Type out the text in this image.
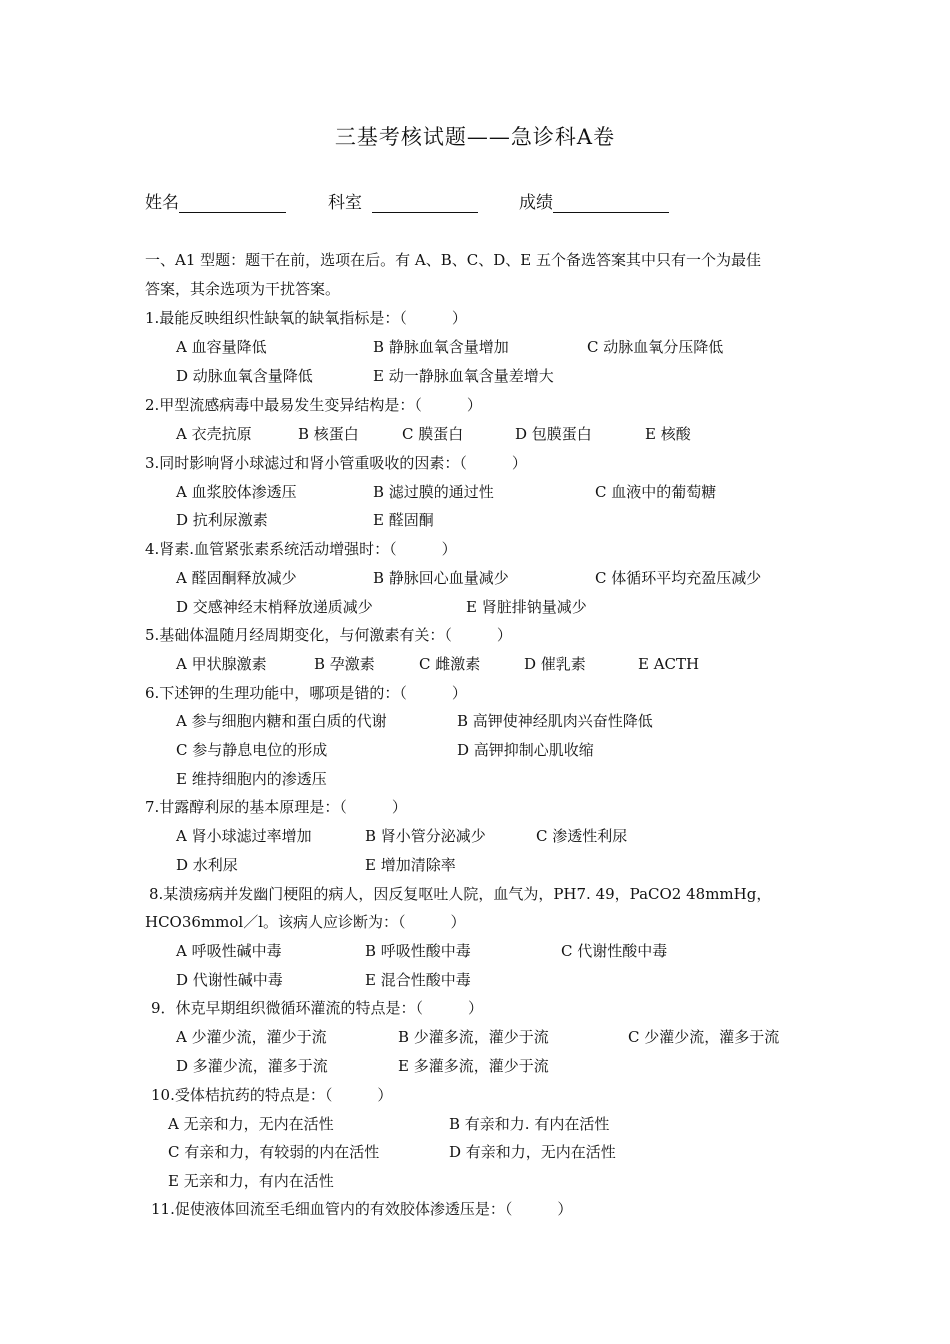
三基考核试题——急诊科A卷
姓名	科室	成绩
一、A1 型题：题干在前，选项在后。有 A、B、C、D、E 五个备选答案其中只有一个为最佳
答案，其余选项为干扰答案。
1.最能反映组织性缺氧的缺氧指标是：（　　　）
A 血容量降低	B 静脉血氧含量增加	C 动脉血氧分压降低
D 动脉血氧含量降低	E 动一静脉血氧含量差增大
2.甲型流感病毒中最易发生变异结构是：（　　　）
A 衣壳抗原	B 核蛋白	C 膜蛋白	D 包膜蛋白	E 核酸
3.同时影响肾小球滤过和肾小管重吸收的因素：（　　　）
A 血浆胶体渗透压	B 滤过膜的通过性	C 血液中的葡萄糖
D 抗利尿激素	E 醛固酮
4.肾素.血管紧张素系统活动增强时：（　　　）
A 醛固酮释放减少	B 静脉回心血量减少	C 体循环平均充盈压减少
D 交感神经末梢释放递质减少	E 肾脏排钠量减少
5.基础体温随月经周期变化，与何激素有关：（　　　）
A 甲状腺激素	B 孕激素	C 雌激素	D 催乳素	E ACTH
6.下述钾的生理功能中，哪项是错的：（　　　）
A 参与细胞内糖和蛋白质的代谢	B 高钾使神经肌肉兴奋性降低
C 参与静息电位的形成	D 高钾抑制心肌收缩
E 维持细胞内的渗透压
7.甘露醇利尿的基本原理是：（　　　）
A 肾小球滤过率增加	B 肾小管分泌减少	C 渗透性利尿
D 水利尿	E 增加清除率
8.某溃疡病并发幽门梗阻的病人，因反复呕吐人院，血气为，PH7. 49，PaCO2 48mmHg，
HCO36mmol／l。该病人应诊断为：（　　　）
A 呼吸性碱中毒	B 呼吸性酸中毒	C 代谢性酸中毒
D 代谢性碱中毒	E 混合性酸中毒
9．休克早期组织微循环灌流的特点是：（　　　）
A 少灌少流，灌少于流	B 少灌多流，灌少于流	C 少灌少流，灌多于流
D 多灌少流，灌多于流	E 多灌多流，灌少于流
10.受体桔抗药的特点是：（　　　）
A 无亲和力，无内在活性	B 有亲和力. 有内在活性
C 有亲和力，有较弱的内在活性	D 有亲和力，无内在活性
E 无亲和力，有内在活性
11.促使液体回流至毛细血管内的有效胶体渗透压是：（　　　）
